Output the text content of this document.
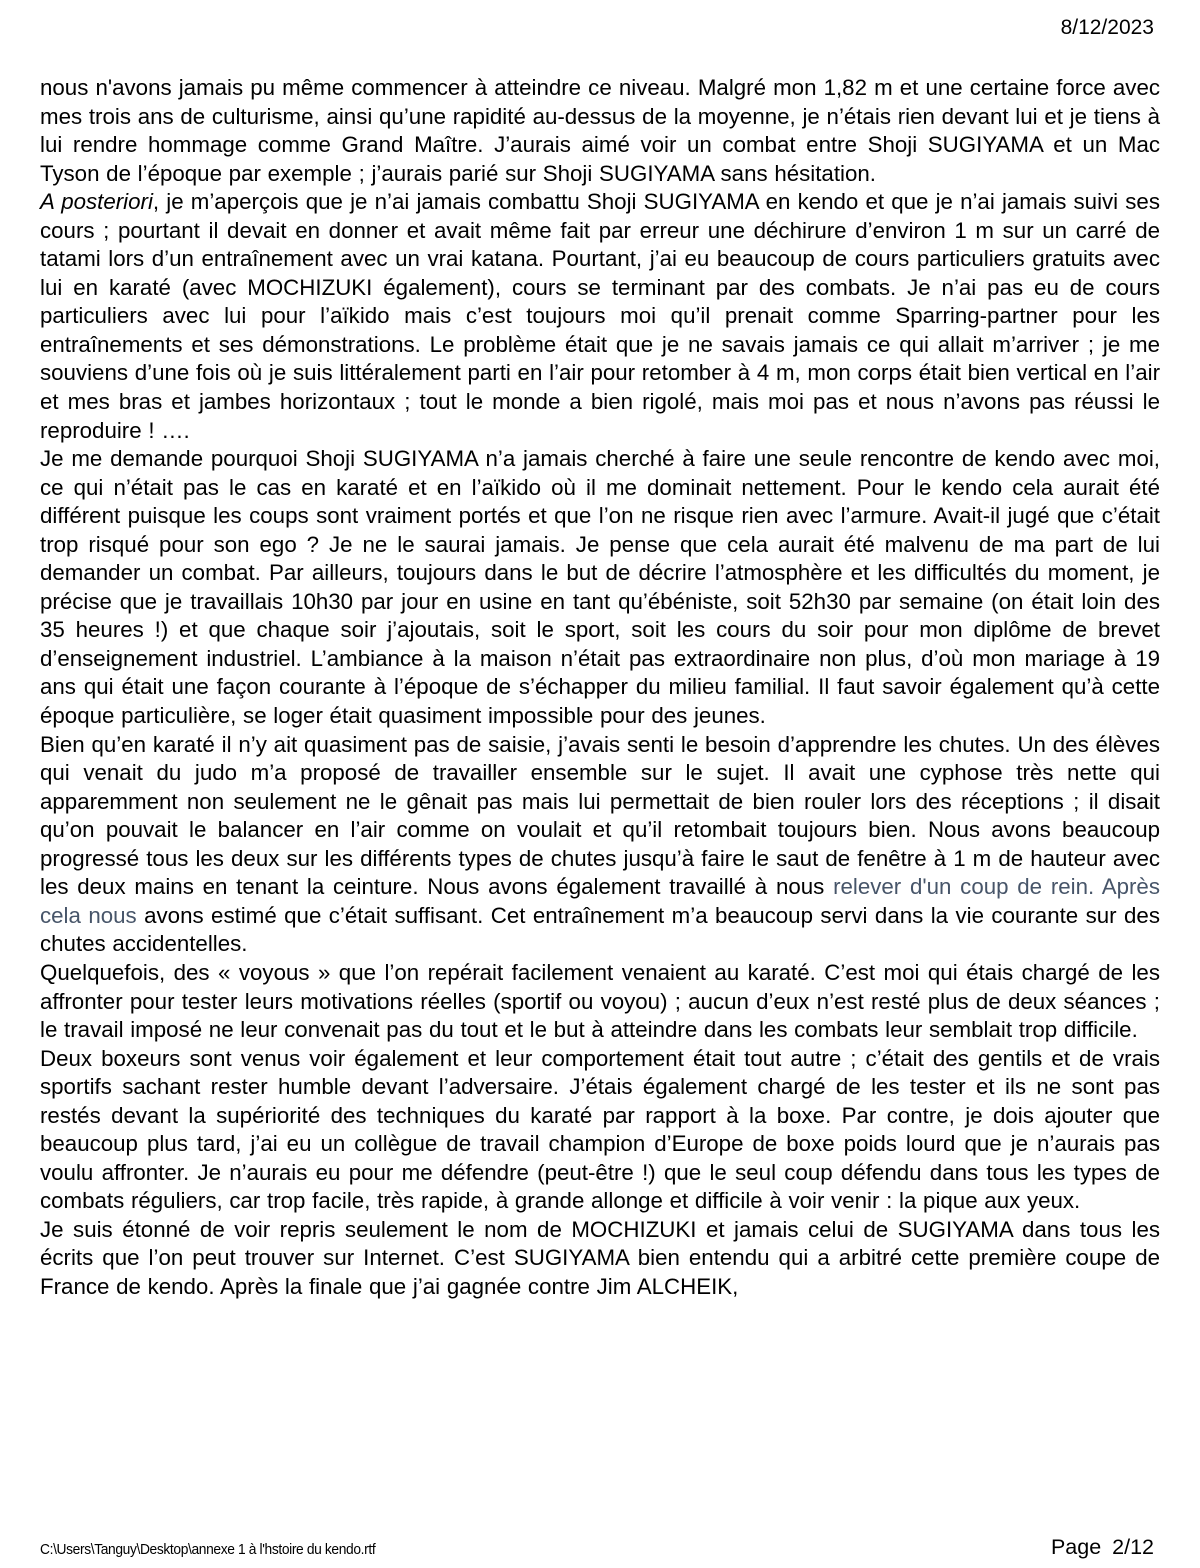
8/12/2023

nous n'avons jamais pu même commencer à atteindre ce niveau. Malgré mon 1,82 m et une certaine force avec mes trois ans de culturisme, ainsi qu’une rapidité au-dessus de la moyenne, je n’étais rien devant lui et je tiens à lui rendre hommage comme Grand Maître. J’aurais aimé voir un combat entre Shoji SUGIYAMA et un Mac Tyson de l’époque par exemple ; j’aurais parié sur Shoji SUGIYAMA sans hésitation.

A posteriori, je m’aperçois que je n’ai jamais combattu Shoji SUGIYAMA en kendo et que je n’ai jamais suivi ses cours ; pourtant il devait en donner et avait même fait par erreur une déchirure d’environ 1 m sur un carré de tatami lors d’un entraînement avec un vrai katana. Pourtant, j’ai eu beaucoup de cours particuliers gratuits avec lui en karaté (avec MOCHIZUKI également), cours se terminant par des combats. Je n’ai pas eu de cours particuliers avec lui pour l’aïkido mais c’est toujours moi qu’il prenait comme Sparring-partner pour les entraînements et ses démonstrations. Le problème était que je ne savais jamais ce qui allait m’arriver ; je me souviens d’une fois où je suis littéralement parti en l’air pour retomber à 4 m, mon corps était bien vertical en l’air et mes bras et jambes horizontaux ; tout le monde a bien rigolé, mais moi pas et nous n’avons pas réussi le reproduire ! ….

Je me demande pourquoi Shoji SUGIYAMA n’a jamais cherché à faire une seule rencontre de kendo avec moi, ce qui n’était pas le cas en karaté et en l’aïkido où il me dominait nettement. Pour le kendo cela aurait été différent puisque les coups sont vraiment portés et que l’on ne risque rien avec l’armure. Avait-il jugé que c’était trop risqué pour son ego ? Je ne le saurai jamais. Je pense que cela aurait été malvenu de ma part de lui demander un combat. Par ailleurs, toujours dans le but de décrire l’atmosphère et les difficultés du moment, je précise que je travaillais 10h30 par jour en usine en tant qu’ébéniste, soit 52h30 par semaine (on était loin des 35 heures !) et que chaque soir j’ajoutais, soit le sport, soit les cours du soir pour mon diplôme de brevet d’enseignement industriel. L’ambiance à la maison n’était pas extraordinaire non plus, d’où mon mariage à 19 ans qui était une façon courante à l’époque de s’échapper du milieu familial. Il faut savoir également qu’à cette époque particulière, se loger était quasiment impossible pour des jeunes.

Bien qu’en karaté il n’y ait quasiment pas de saisie, j’avais senti le besoin d’apprendre les chutes. Un des élèves qui venait du judo m’a proposé de travailler ensemble sur le sujet. Il avait une cyphose très nette qui apparemment non seulement ne le gênait pas mais lui permettait de bien rouler lors des réceptions ; il disait qu’on pouvait le balancer en l’air comme on voulait et qu’il retombait toujours bien. Nous avons beaucoup progressé tous les deux sur les différents types de chutes jusqu’à faire le saut de fenêtre à 1 m de hauteur avec les deux mains en tenant la ceinture. Nous avons également travaillé à nous relever d'un coup de rein. Après cela nous avons estimé que c’était suffisant. Cet entraînement m’a beaucoup servi dans la vie courante sur des chutes accidentelles.

Quelquefois, des « voyous » que l’on repérait facilement venaient au karaté. C’est moi qui étais chargé de les affronter pour tester leurs motivations réelles (sportif ou voyou) ; aucun d’eux n’est resté plus de deux séances ; le travail imposé ne leur convenait pas du tout et le but à atteindre dans les combats leur semblait trop difficile.

Deux boxeurs sont venus voir également et leur comportement était tout autre ; c’était des gentils et de vrais sportifs sachant rester humble devant l’adversaire. J’étais également chargé de les tester et ils ne sont pas restés devant la supériorité des techniques du karaté par rapport à la boxe. Par contre, je dois ajouter que beaucoup plus tard, j’ai eu un collègue de travail champion d’Europe de boxe poids lourd que je n’aurais pas voulu affronter. Je n’aurais eu pour me défendre (peut-être !) que le seul coup défendu dans tous les types de combats réguliers, car trop facile, très rapide, à grande allonge et difficile à voir venir : la pique aux yeux.

Je suis étonné de voir repris seulement le nom de MOCHIZUKI et jamais celui de SUGIYAMA dans tous les écrits que l’on peut trouver sur Internet. C’est SUGIYAMA bien entendu qui a arbitré cette première coupe de France de kendo. Après la finale que j’ai gagnée contre Jim ALCHEIK,

C:\Users\Tanguy\Desktop\annexe 1 à l'hstoire du kendo.rtf	Page 2/12
